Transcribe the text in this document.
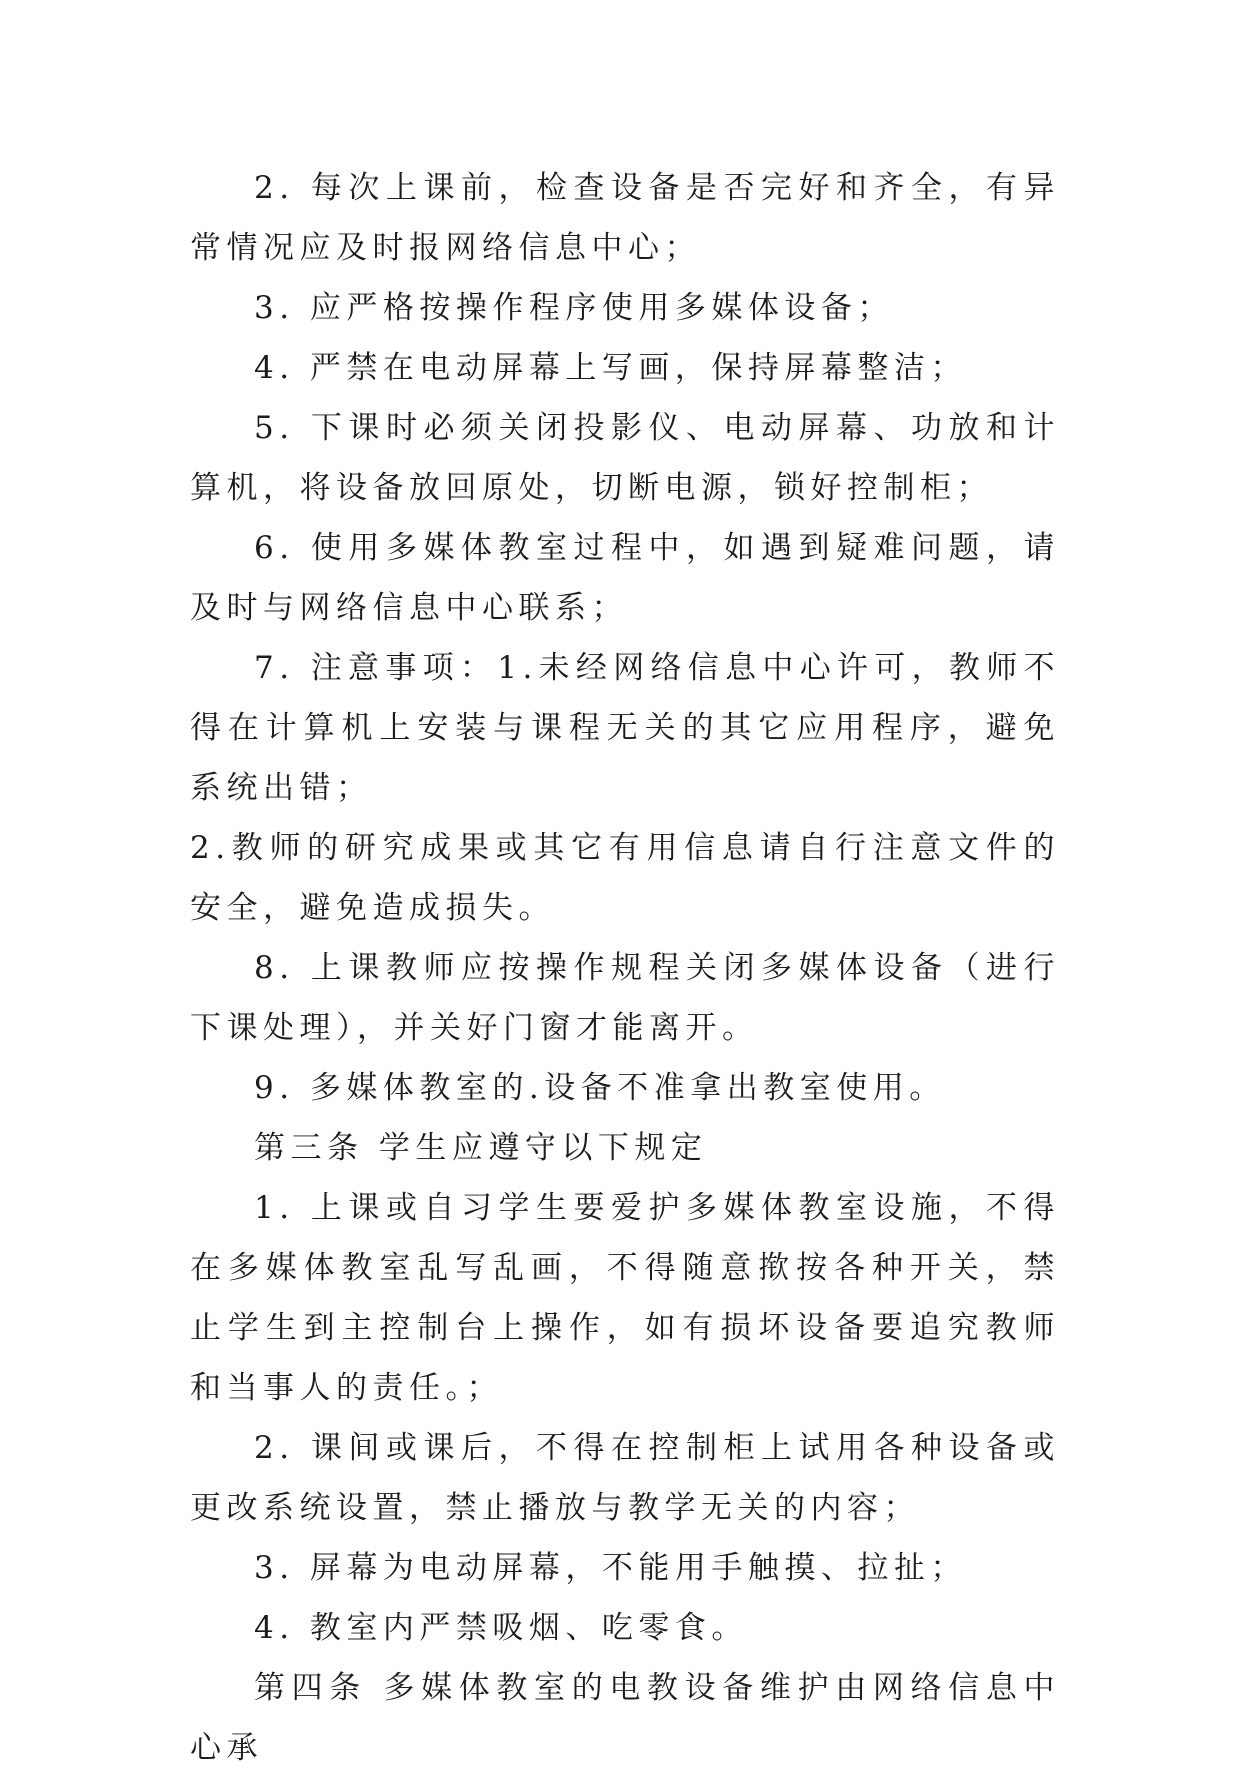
2. 每次上课前，检查设备是否完好和齐全，有异常情况应及时报网络信息中心；

3. 应严格按操作程序使用多媒体设备；

4. 严禁在电动屏幕上写画，保持屏幕整洁；

5. 下课时必须关闭投影仪、电动屏幕、功放和计算机，将设备放回原处，切断电源，锁好控制柜；

6. 使用多媒体教室过程中，如遇到疑难问题，请及时与网络信息中心联系；

7. 注意事项：1.未经网络信息中心许可，教师不得在计算机上安装与课程无关的其它应用程序，避免系统出错；

2.教师的研究成果或其它有用信息请自行注意文件的安全，避免造成损失。

8. 上课教师应按操作规程关闭多媒体设备（进行下课处理），并关好门窗才能离开。

9. 多媒体教室的.设备不准拿出教室使用。

第三条 学生应遵守以下规定

1. 上课或自习学生要爱护多媒体教室设施，不得在多媒体教室乱写乱画，不得随意揿按各种开关，禁止学生到主控制台上操作，如有损坏设备要追究教师和当事人的责任。；

2. 课间或课后，不得在控制柜上试用各种设备或更改系统设置，禁止播放与教学无关的内容；

3. 屏幕为电动屏幕，不能用手触摸、拉扯；

4. 教室内严禁吸烟、吃零食。

第四条 多媒体教室的电教设备维护由网络信息中心承
